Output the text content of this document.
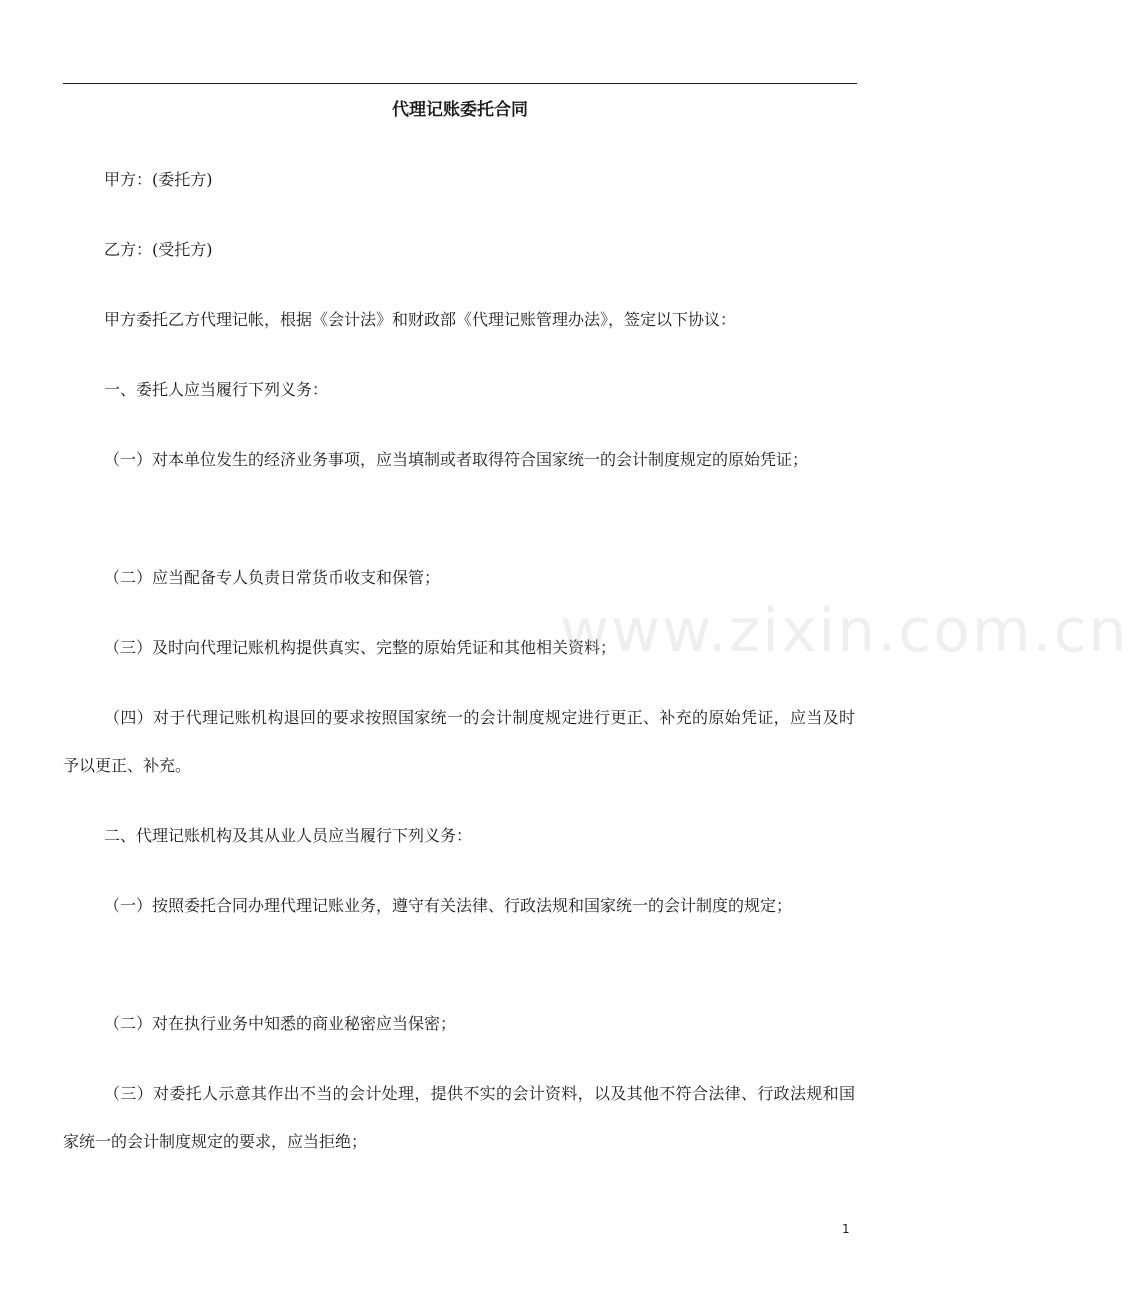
代理记账委托合同

甲方：(委托方)

乙方：(受托方)

甲方委托乙方代理记帐，根据《会计法》和财政部《代理记账管理办法》，签定以下协议：

一、委托人应当履行下列义务：

（一）对本单位发生的经济业务事项，应当填制或者取得符合国家统一的会计制度规定的原始凭证；

（二）应当配备专人负责日常货币收支和保管；

（三）及时向代理记账机构提供真实、完整的原始凭证和其他相关资料；

（四）对于代理记账机构退回的要求按照国家统一的会计制度规定进行更正、补充的原始凭证，应当及时予以更正、补充。

二、代理记账机构及其从业人员应当履行下列义务：

（一）按照委托合同办理代理记账业务，遵守有关法律、行政法规和国家统一的会计制度的规定；

（二）对在执行业务中知悉的商业秘密应当保密；

（三）对委托人示意其作出不当的会计处理，提供不实的会计资料，以及其他不符合法律、行政法规和国家统一的会计制度规定的要求，应当拒绝；

www.zixin.com.cn
1
